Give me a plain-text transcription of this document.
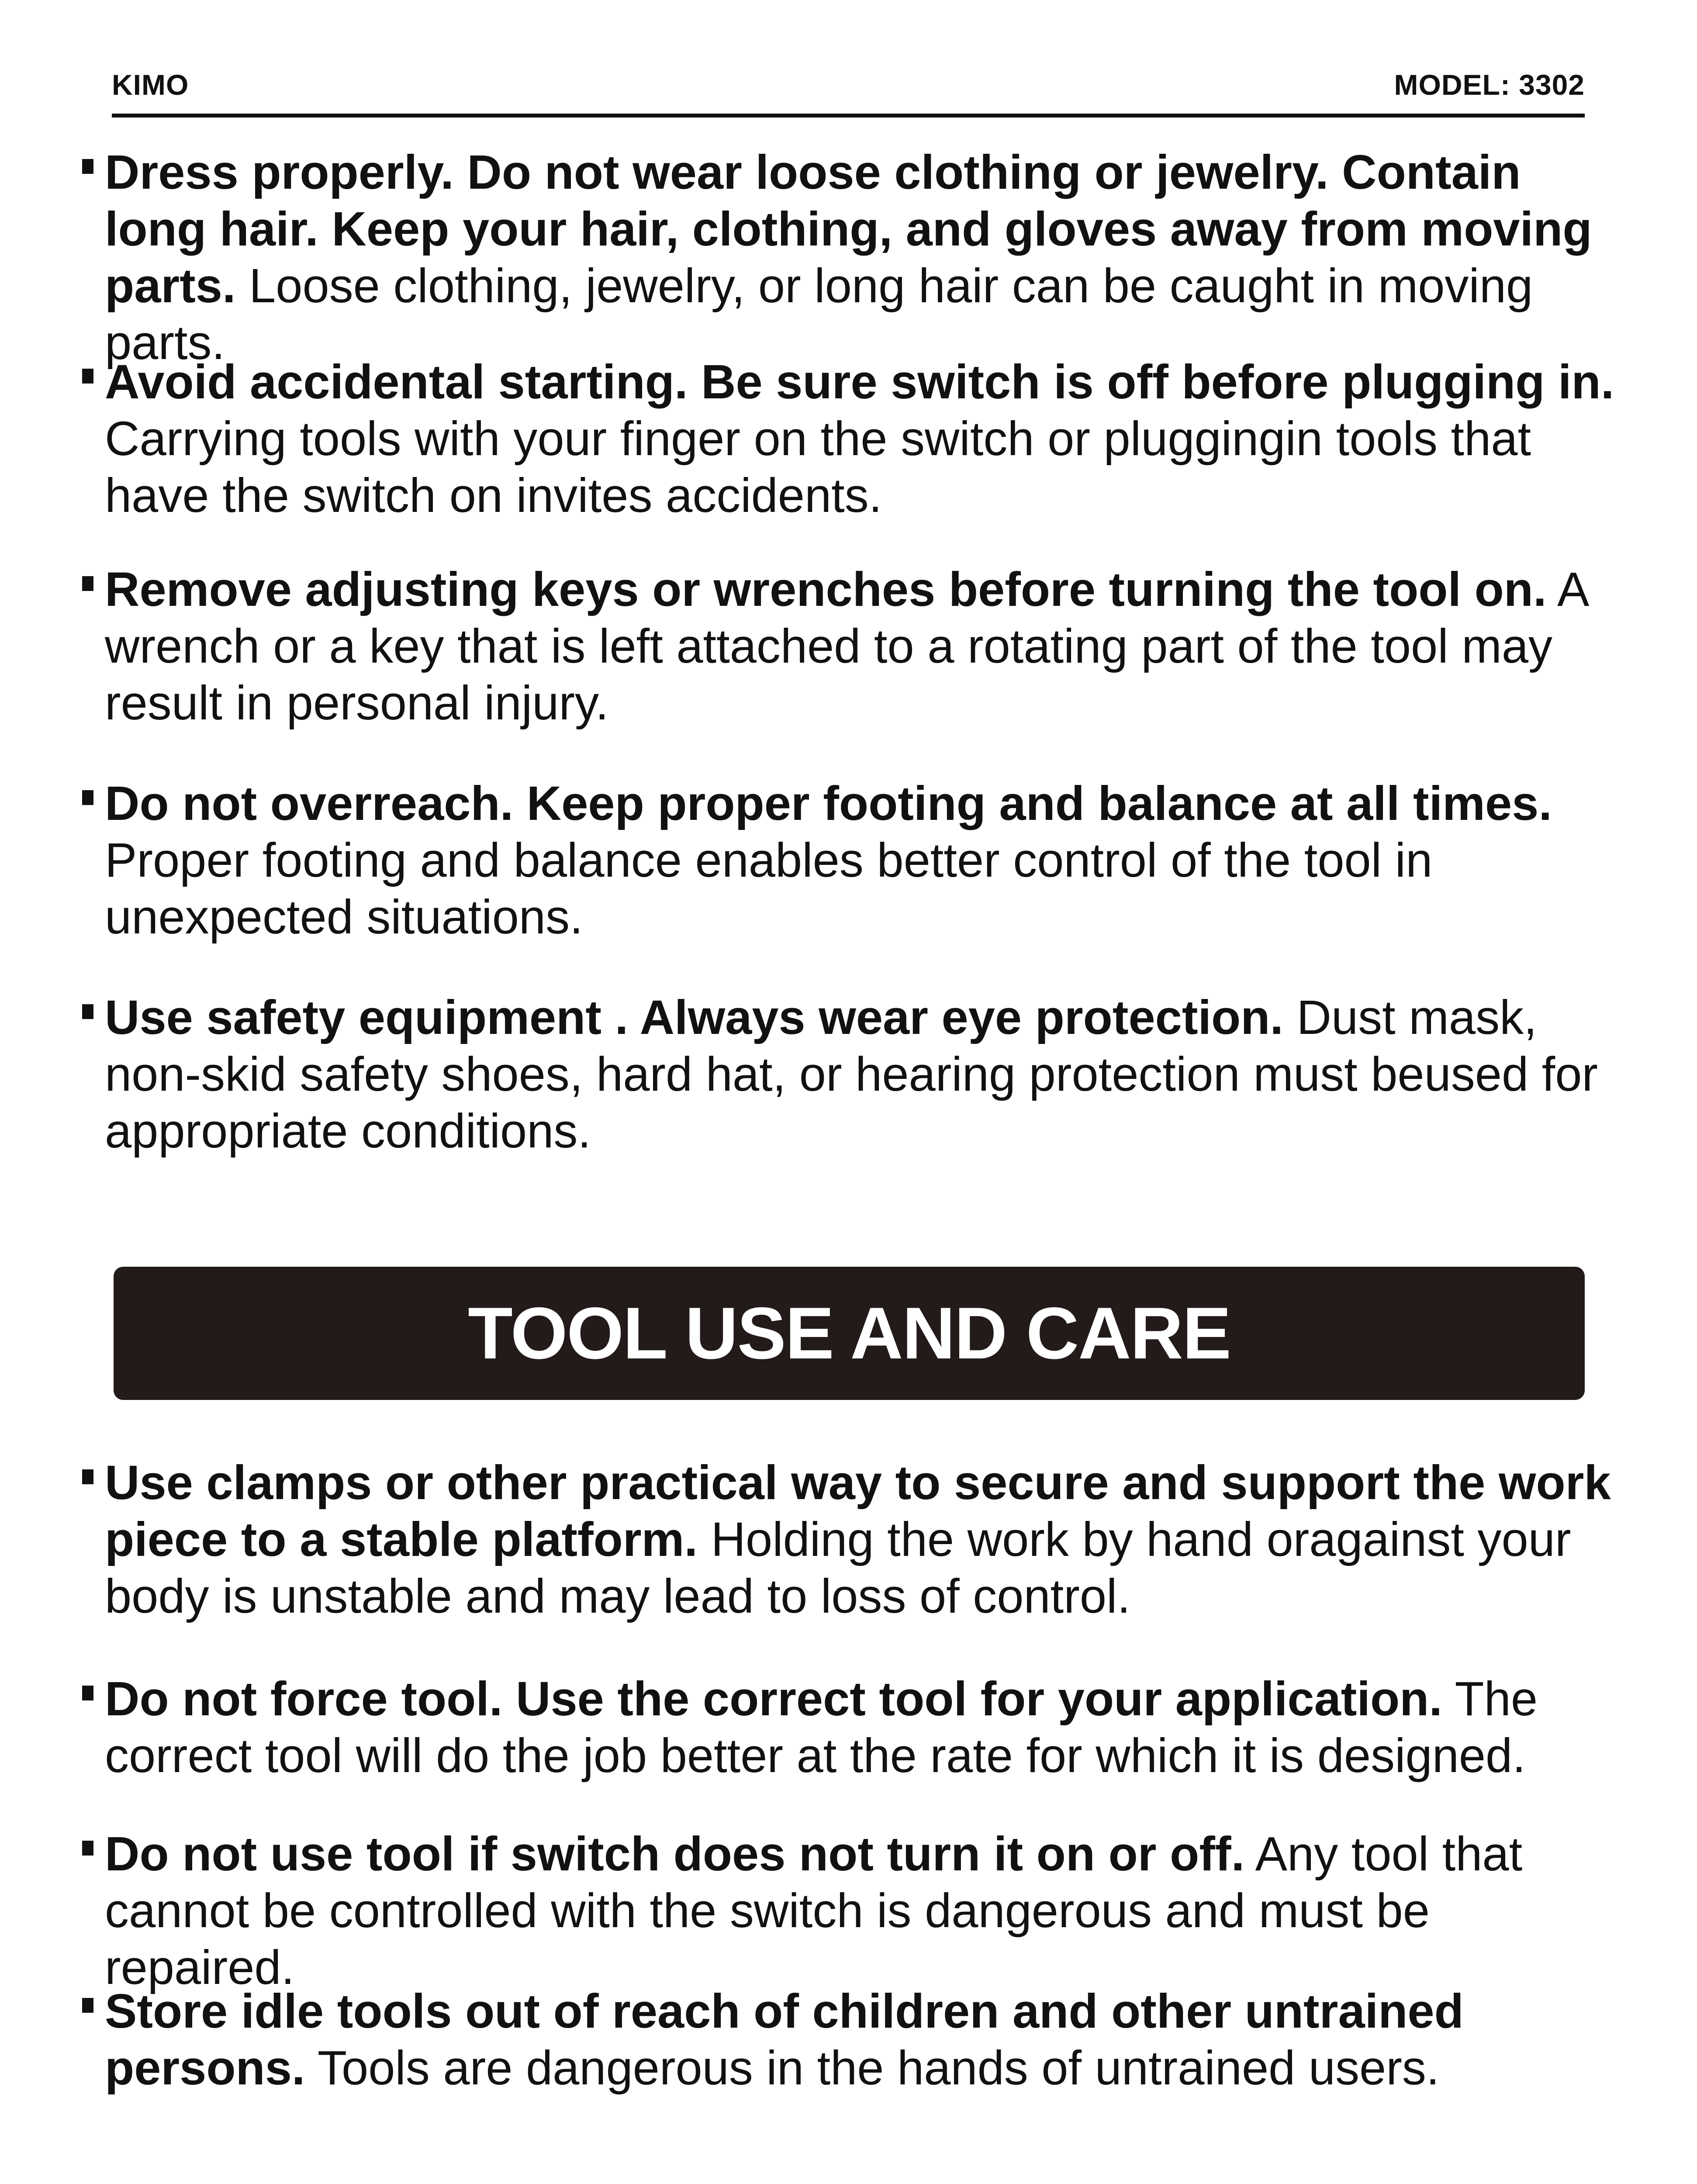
KIMO	MODEL: 3302
Dress properly. Do not wear loose clothing or jewelry. Contain long hair. Keep your hair, clothing, and gloves away from moving parts. Loose clothing, jewelry, or long hair can be caught in moving parts.
Avoid accidental starting. Be sure switch is off before plugging in. Carrying tools with your finger on the switch or pluggingin tools that have the switch on invites accidents.
Remove adjusting keys or wrenches before turning the tool on. A wrench or a key that is left attached to a rotating part of the tool may result in personal injury.
Do not overreach. Keep proper footing and balance at all times. Proper footing and balance enables better control of the tool in unexpected situations.
Use safety equipment . Always wear eye protection. Dust mask, non-skid safety shoes, hard hat, or hearing protection must beused for appropriate conditions.
TOOL USE AND CARE
Use clamps or other practical way to secure and support the work piece to a stable platform. Holding the work by hand oragainst your body is unstable and may lead to loss of control.
Do not force tool. Use the correct tool for your application. The correct tool will do the job better at the rate for which it is designed.
Do not use tool if switch does not turn it on or off. Any tool that cannot be controlled with the switch is dangerous and must be repaired.
Store idle tools out of reach of children and other untrained persons. Tools are dangerous in the hands of untrained users.
